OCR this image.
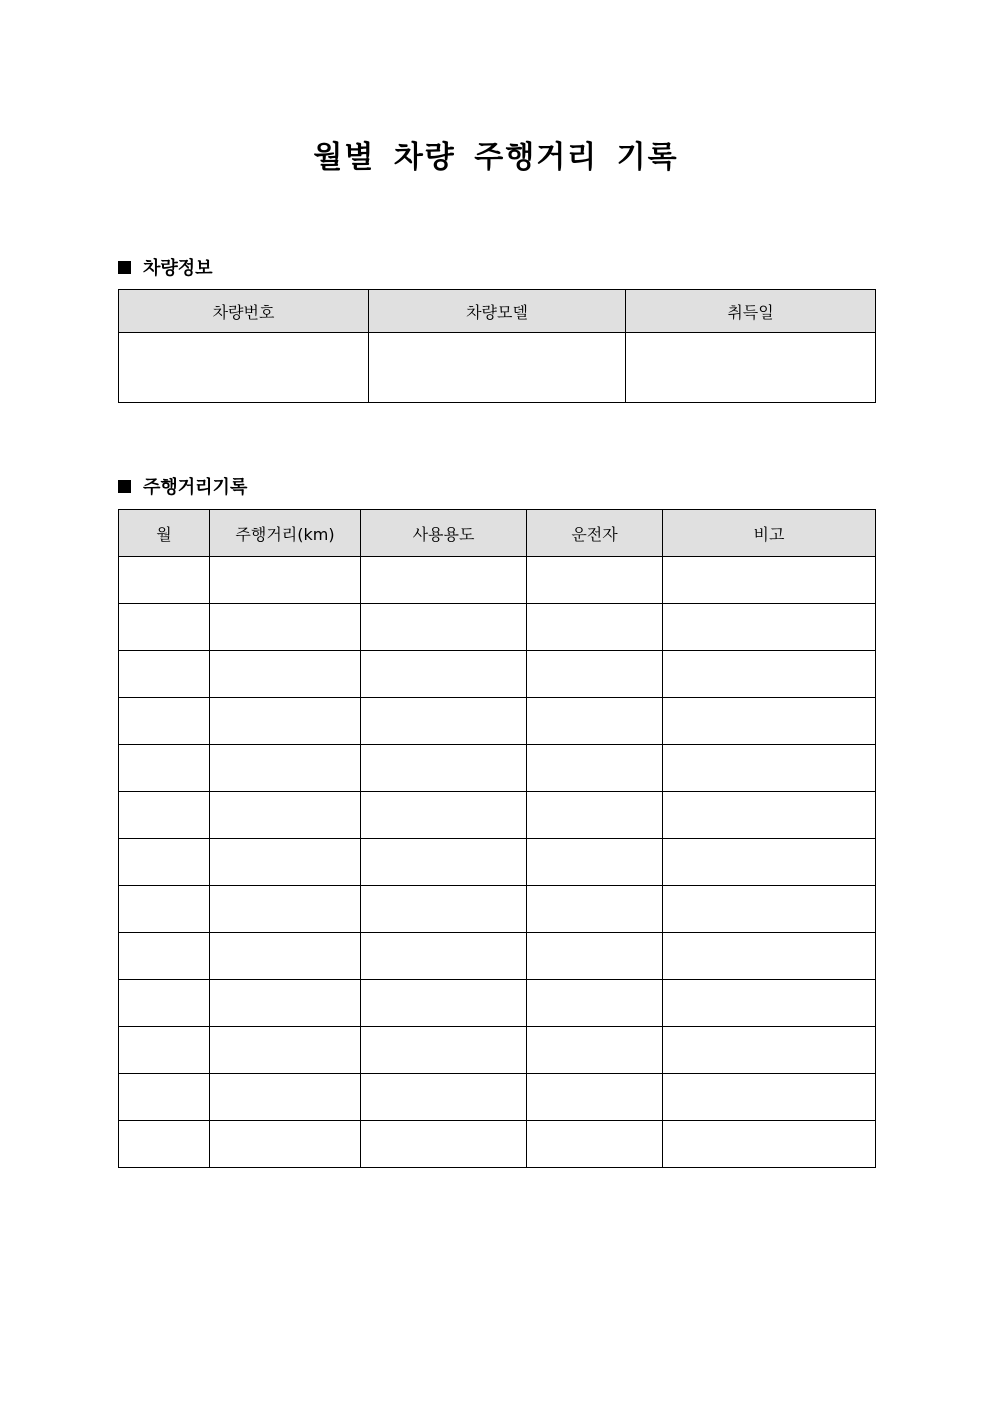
월별 차량 주행거리 기록
차량정보
차량번호	차량모델	취득일

주행거리기록
월	주행거리(km)	사용용도	운전자	비고
